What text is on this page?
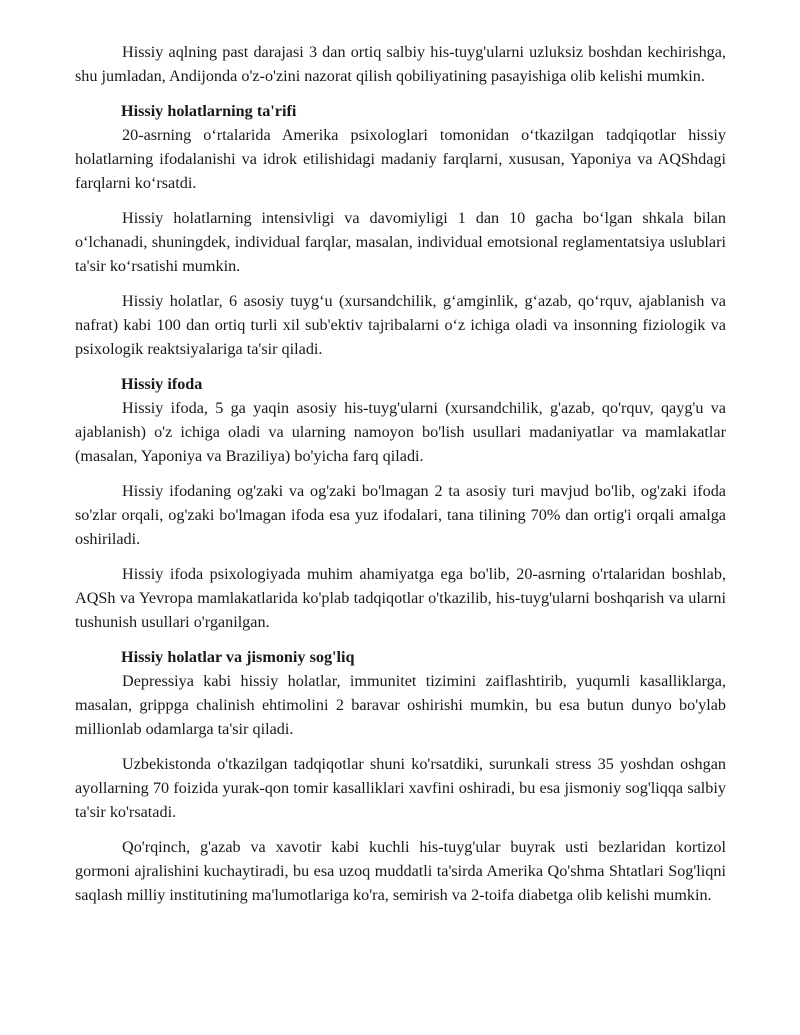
Hissiy aqlning past darajasi 3 dan ortiq salbiy his-tuyg'ularni uzluksiz boshdan kechirishga, shu jumladan, Andijonda o'z-o'zini nazorat qilish qobiliyatining pasayishiga olib kelishi mumkin.

Hissiy holatlarning ta'rifi

20-asrning o‘rtalarida Amerika psixologlari tomonidan o‘tkazilgan tadqiqotlar hissiy holatlarning ifodalanishi va idrok etilishidagi madaniy farqlarni, xususan, Yaponiya va AQShdagi farqlarni ko‘rsatdi.

Hissiy holatlarning intensivligi va davomiyligi 1 dan 10 gacha bo‘lgan shkala bilan o‘lchanadi, shuningdek, individual farqlar, masalan, individual emotsional reglamentatsiya uslublari ta'sir ko‘rsatishi mumkin.

Hissiy holatlar, 6 asosiy tuyg‘u (xursandchilik, g‘amginlik, g‘azab, qo‘rquv, ajablanish va nafrat) kabi 100 dan ortiq turli xil sub'ektiv tajribalarni o‘z ichiga oladi va insonning fiziologik va psixologik reaktsiyalariga ta'sir qiladi.

Hissiy ifoda

Hissiy ifoda, 5 ga yaqin asosiy his-tuyg'ularni (xursandchilik, g'azab, qo'rquv, qayg'u va ajablanish) o'z ichiga oladi va ularning namoyon bo'lish usullari madaniyatlar va mamlakatlar (masalan, Yaponiya va Braziliya) bo'yicha farq qiladi.

Hissiy ifodaning og'zaki va og'zaki bo'lmagan 2 ta asosiy turi mavjud bo'lib, og'zaki ifoda so'zlar orqali, og'zaki bo'lmagan ifoda esa yuz ifodalari, tana tilining 70% dan ortig'i orqali amalga oshiriladi.

Hissiy ifoda psixologiyada muhim ahamiyatga ega bo'lib, 20-asrning o'rtalaridan boshlab, AQSh va Yevropa mamlakatlarida ko'plab tadqiqotlar o'tkazilib, his-tuyg'ularni boshqarish va ularni tushunish usullari o'rganilgan.

Hissiy holatlar va jismoniy sog'liq

Depressiya kabi hissiy holatlar, immunitet tizimini zaiflashtirib, yuqumli kasalliklarga, masalan, grippga chalinish ehtimolini 2 baravar oshirishi mumkin, bu esa butun dunyo bo'ylab millionlab odamlarga ta'sir qiladi.

Uzbekistonda o'tkazilgan tadqiqotlar shuni ko'rsatdiki, surunkali stress 35 yoshdan oshgan ayollarning 70 foizida yurak-qon tomir kasalliklari xavfini oshiradi, bu esa jismoniy sog'liqqa salbiy ta'sir ko'rsatadi.

Qo'rqinch, g'azab va xavotir kabi kuchli his-tuyg'ular buyrak usti bezlaridan kortizol gormoni ajralishini kuchaytiradi, bu esa uzoq muddatli ta'sirda Amerika Qo'shma Shtatlari Sog'liqni saqlash milliy institutining ma'lumotlariga ko'ra, semirish va 2-toifa diabetga olib kelishi mumkin.
